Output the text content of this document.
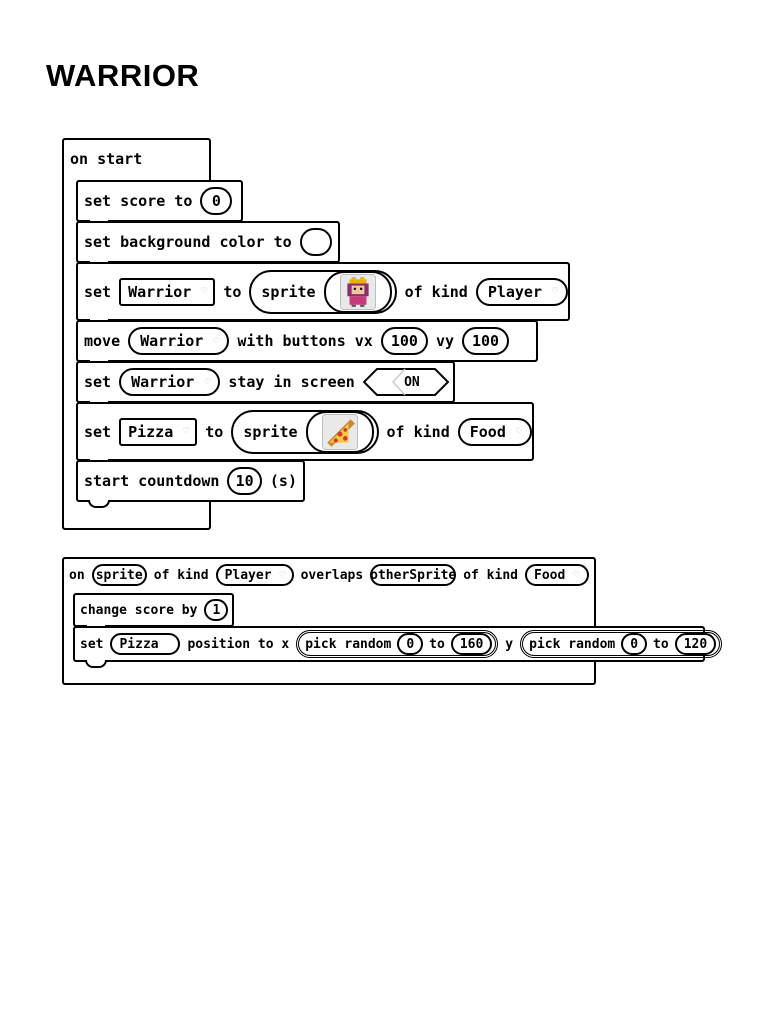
WARRIOR
on start
set score to	0
set background color to
set Warrior ♡ to sprite	of kind Player ♡
move Warrior ♡ with buttons vx	100	vy	100
set Warrior ♡ stay in screen	ON
set Pizza ♡ to sprite	of kind Food ♡
start countdown	10	(s)
on sprite of kind Player ♡ overlaps otherSprite of kind Food ♡
change score by	1
set Pizza position to x pick random	0	to	160	y pick random	0	to	120
